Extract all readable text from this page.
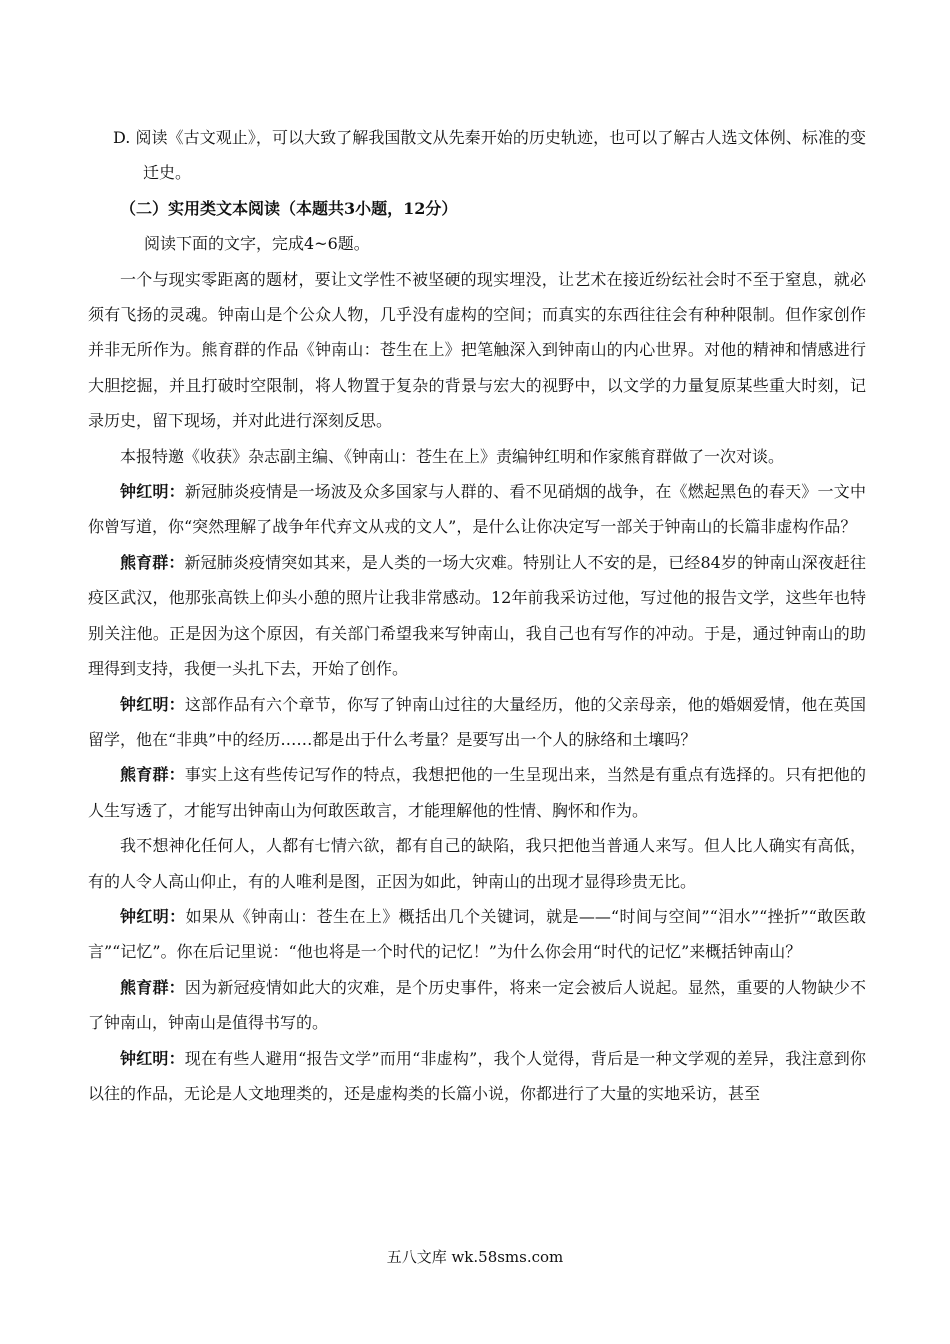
D. 阅读《古文观止》，可以大致了解我国散文从先秦开始的历史轨迹，也可以了解古人选文体例、标准的变迁史。

（二）实用类文本阅读（本题共3小题，12分）

阅读下面的文字，完成4~6题。

一个与现实零距离的题材，要让文学性不被坚硬的现实埋没，让艺术在接近纷纭社会时不至于窒息，就必须有飞扬的灵魂。钟南山是个公众人物，几乎没有虚构的空间；而真实的东西往往会有种种限制。但作家创作并非无所作为。熊育群的作品《钟南山：苍生在上》把笔触深入到钟南山的内心世界。对他的精神和情感进行大胆挖掘，并且打破时空限制，将人物置于复杂的背景与宏大的视野中，以文学的力量复原某些重大时刻，记录历史，留下现场，并对此进行深刻反思。

本报特邀《收获》杂志副主编、《钟南山：苍生在上》责编钟红明和作家熊育群做了一次对谈。

钟红明：新冠肺炎疫情是一场波及众多国家与人群的、看不见硝烟的战争，在《燃起黑色的春天》一文中你曾写道，你“突然理解了战争年代弃文从戎的文人”，是什么让你决定写一部关于钟南山的长篇非虚构作品？

熊育群：新冠肺炎疫情突如其来，是人类的一场大灾难。特别让人不安的是，已经84岁的钟南山深夜赶往疫区武汉，他那张高铁上仰头小憩的照片让我非常感动。12年前我采访过他，写过他的报告文学，这些年也特别关注他。正是因为这个原因，有关部门希望我来写钟南山，我自己也有写作的冲动。于是，通过钟南山的助理得到支持，我便一头扎下去，开始了创作。

钟红明：这部作品有六个章节，你写了钟南山过往的大量经历，他的父亲母亲，他的婚姻爱情，他在英国留学，他在“非典”中的经历……都是出于什么考量？是要写出一个人的脉络和土壤吗？

熊育群：事实上这有些传记写作的特点，我想把他的一生呈现出来，当然是有重点有选择的。只有把他的人生写透了，才能写出钟南山为何敢医敢言，才能理解他的性情、胸怀和作为。

我不想神化任何人，人都有七情六欲，都有自己的缺陷，我只把他当普通人来写。但人比人确实有高低，有的人令人高山仰止，有的人唯利是图，正因为如此，钟南山的出现才显得珍贵无比。

钟红明：如果从《钟南山：苍生在上》概括出几个关键词，就是——“时间与空间”“泪水”“挫折”“敢医敢言”“记忆”。你在后记里说：“他也将是一个时代的记忆！”为什么你会用“时代的记忆”来概括钟南山？

熊育群：因为新冠疫情如此大的灾难，是个历史事件，将来一定会被后人说起。显然，重要的人物缺少不了钟南山，钟南山是值得书写的。

钟红明：现在有些人避用“报告文学”而用“非虚构”，我个人觉得，背后是一种文学观的差异，我注意到你以往的作品，无论是人文地理类的，还是虚构类的长篇小说，你都进行了大量的实地采访，甚至

五八文库 wk.58sms.com
